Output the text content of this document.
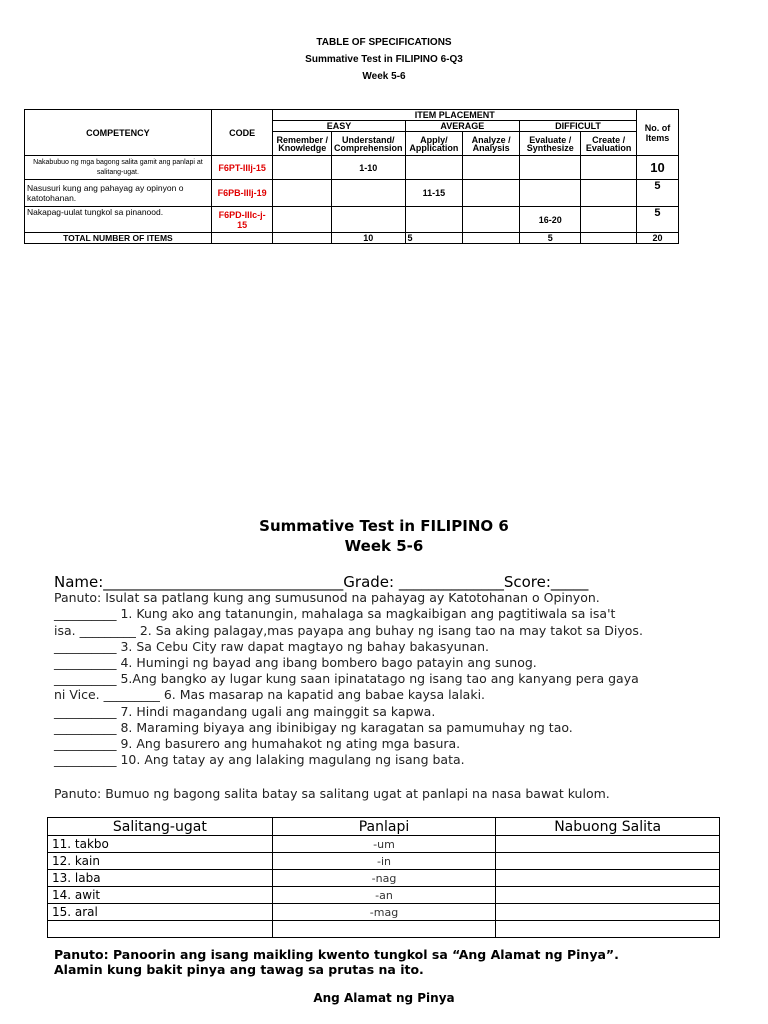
TABLE OF SPECIFICATIONS
Summative Test in FILIPINO 6-Q3
Week 5-6
COMPETENCY	CODE	ITEM PLACEMENT						No. of Items
		EASY		AVERAGE		DIFFICULT		
		Remember / Knowledge	Understand/ Comprehension	Apply/ Application	Analyze / Analysis	Evaluate / Synthesize	Create / Evaluation	
Nakabubuo ng mga bagong salita gamit ang panlapi at salitang-ugat.	F6PT-IIIj-15		1-10					10
Nasusuri kung ang pahayag ay opinyon o katotohanan.	F6PB-IIIj-19			11-15				5
Nakapag-uulat tungkol sa pinanood.	F6PD-IIIc-j-15					16-20		5
TOTAL NUMBER OF ITEMS			10	5		5		20
Summative Test in FILIPINO 6
Week 5-6
Name:________________________________Grade: ______________Score:_____
Panuto: Isulat sa patlang kung ang sumusunod na pahayag ay Katotohanan o Opinyon.
__________ 1. Kung ako ang tatanungin, mahalaga sa magkaibigan ang pagtitiwala sa isa't
isa. _________ 2. Sa aking palagay,mas payapa ang buhay ng isang tao na may takot sa Diyos.
__________ 3. Sa Cebu City raw dapat magtayo ng bahay bakasyunan.
__________ 4. Humingi ng bayad ang ibang bombero bago patayin ang sunog.
__________ 5.Ang bangko ay lugar kung saan ipinatatago ng isang tao ang kanyang pera gaya
ni Vice. _________ 6. Mas masarap na kapatid ang babae kaysa lalaki.
__________ 7. Hindi magandang ugali ang mainggit sa kapwa.
__________ 8. Maraming biyaya ang ibinibigay ng karagatan sa pamumuhay ng tao.
__________ 9. Ang basurero ang humahakot ng ating mga basura.
__________ 10. Ang tatay ay ang lalaking magulang ng isang bata.
Panuto: Bumuo ng bagong salita batay sa salitang ugat at panlapi na nasa bawat kulom.
Salitang-ugat	Panlapi	Nabuong Salita
11. takbo	-um	
12. kain	-in	
13. laba	-nag	
14. awit	-an	
15. aral	-mag	

Panuto: Panoorin ang isang maikling kwento tungkol sa “Ang Alamat ng Pinya”.
Alamin kung bakit pinya ang tawag sa prutas na ito.
Ang Alamat ng Pinya
